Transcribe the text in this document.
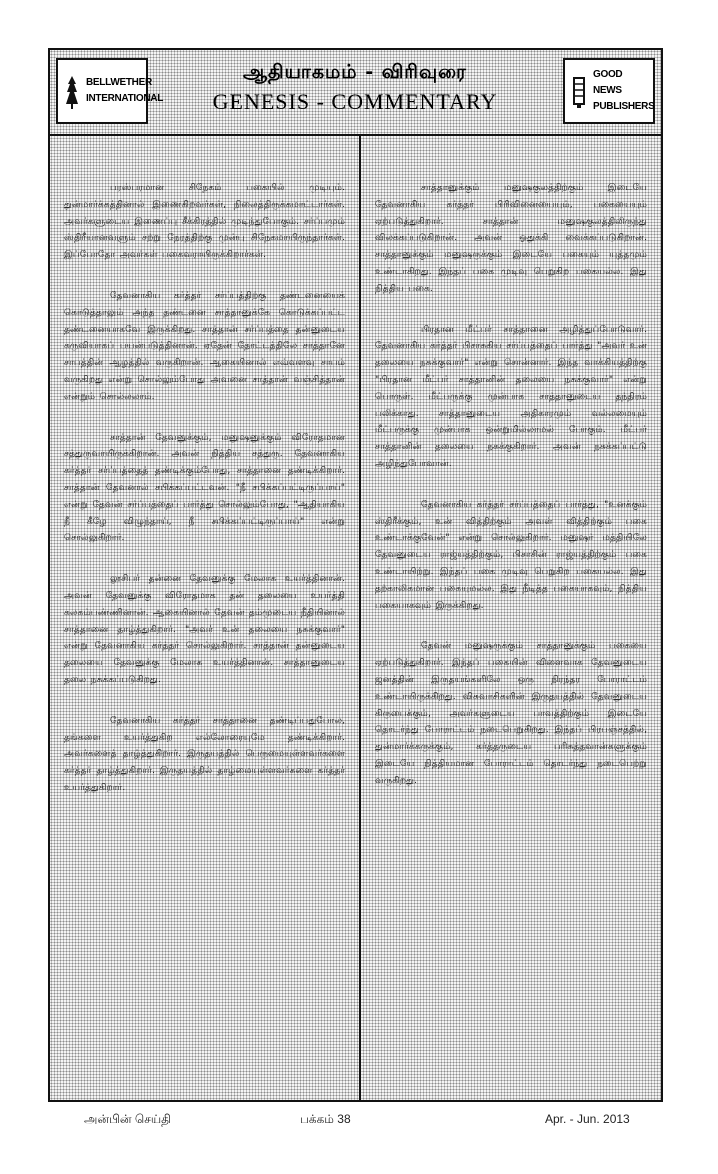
BELLWETHER
INTERNATIONAL
ஆதியாகமம் - விரிவுரை
GENESIS - COMMENTARY
GOOD NEWS
PUBLISHERS

பரஸ்பரமான சிநேகம் பகையில் முடியும். துன்மார்க்கத்தினால் இணைகிறவர்கள், நிலைத்திருக்கமாட்டார்கள். அவர்களுடைய இணைப்பு சீக்கிரத்தில் முடிந்துபோகும். சர்ப்பமும் ஸ்திரீயானவளும் சற்று நேரத்திற்கு முன்பு சிநேகமாயிருந்தார்கள். இப்போதோ அவர்கள் பகைவராயிருக்கிறார்கள்.

தேவனாகிய கர்த்தர் சர்ப்பத்திற்கு தண்டனையைக் கொடுத்தாலும் அந்த தண்டனை சாத்தானுக்கே கொடுக்கப்பட்ட தண்டனையாகவே இருக்கிறது. சாத்தான் சர்ப்பத்தை தன்னுடைய கருவியாகப் பயன்படுத்தினான். ஏதேன் தோட்டத்திலே சாத்தானே சாபத்தின் ஆழத்தில் வருகிறான். ஆகையினால் எவ்வளவு சாபம் வருகிறது என்று சொல்லும்போது அவனை சாத்தான் வஞ்சித்தான் என்றும் சொல்லலாம்.

சாத்தான் தேவனுக்கும், மனுஷனுக்கும் விரோதமான சத்துருவாயிருக்கிறான். அவன் நித்திய சத்துரு. தேவனாகிய கர்த்தர் சர்ப்பத்தைத் தண்டிக்கும்போது, சாத்தானை தண்டிக்கிறார். சாத்தான் தேவனால் சபிக்கப்பட்டவன். "நீ சபிக்கப்பட்டிருப்பாய்" என்று தேவன் சர்ப்பத்தைப் பார்த்து சொல்லும்போது, "ஆதியாகிய நீ கீழே விழுந்தாய், நீ சபிக்கப்பட்டிருப்பாய்" என்று சொல்லுகிறார்.

லூசிபர் தன்னை தேவனுக்கு மேலாக உயர்த்தினான். அவன் தேவனுக்கு விரோதமாக தன் தலையை உயர்த்தி கலகம்பண்ணினான். ஆகையினால் தேவன் தம்முடைய நீதியினால் சாத்தானை தாழ்த்துகிறார். "அவர் உன் தலையை நசுக்குவார்" என்று தேவனாகிய கர்த்தர் சொல்லுகிறார். சாத்தான் தன்னுடைய தலையை தேவனுக்கு மேலாக உயர்த்தினான். சாத்தானுடைய தலை நசுக்கப்படுகிறது.

தேவனாகிய கர்த்தர் சாத்தானை தண்டிப்பதுபோல, தங்களை உயர்த்துகிற எல்லோரையுமே தண்டிக்கிறார். அவர்களைத் தாழ்த்துகிறார். இருதயத்தில் பெருமையுள்ளவர்களை கர்த்தர் தாழ்த்துகிறார். இருதயத்தில் தாழ்மையுள்ளவர்களை கர்த்தர் உயர்த்துகிறார்.

சாத்தானுக்கும் மனுஷகுலத்திற்கும் இடையே தேவனாகிய கர்த்தர் பிரிவினையையும், பகையையும் ஏற்படுத்துகிறார். சாத்தான் மனுஷகுலத்திலிருந்து விலக்கப்படுகிறான். அவன் ஒதுக்கி வைக்கப்படுகிறான். சாத்தானுக்கும் மனுஷருக்கும் இடையே பகையும் யுத்தமும் உண்டாகிறது. இந்தப் பகை முடிவு பெறுகிற பகையல்ல. இது நித்திய பகை.

பிரதான மீட்பர் சாத்தானை அழித்துப்போடுவார். தேவனாகிய கர்த்தர் பிசாசுகிய சர்ப்பத்தைப் பார்த்து "அவர் உன் தலையை நசுக்குவார்" என்று சொன்னார். இந்த வாக்கியத்திற்கு "பிரதான மீட்பர் சாத்தானின் தலையை நசுக்குவார்" என்று பொருள். மீட்பருக்கு முன்பாக சாத்தானுடைய தந்திரம் பலிக்காது. சாத்தானுடைய அதிகாரமும் வல்லமையும் மீட்பருக்கு முன்பாக ஒன்றுமில்லாமல் போகும். மீட்பர் சாத்தானின் தலையை நசுக்குகிறார். அவன் நசுக்கப்பட்டு அழிந்துபோவான்.

தேவனாகிய கர்த்தர் சர்ப்பத்தைப் பார்த்து, "உனக்கும் ஸ்திரீக்கும், உன் வித்திற்கும் அவள் வித்திற்கும் பகை உண்டாக்குவேன்" என்று சொல்லுகிறார். மனுஷர் மத்தியிலே தேவனுடைய ராஜ்யத்திற்கும், பிசாசின் ராஜ்யத்திற்கும் பகை உண்டாயிற்று. இந்தப் பகை முடிவு பெறுகிற பகையல்ல. இது தற்காலிகமான பகையுமல்ல. இது நீடித்த பகையாகவும், நித்திய பகையாகவும் இருக்கிறது.

தேவன் மனுஷருக்கும் சாத்தானுக்கும் பகையை ஏற்படுத்துகிறார். இந்தப் பகையின் விளைவாக தேவனுடைய ஜனத்தின் இருதயங்களிலே ஒரு நிரந்தர போராட்டம் உண்டாயிருக்கிறது. விசுவாசிகளின் இருதயத்தில் தேவனுடைய கிருபைக்கும், அவர்களுடைய பாவத்திற்கும் இடையே தொடர்ந்து போராட்டம் நடைபெறுகிறது. இந்தப் பிரபஞ்சத்தில், துன்மார்க்கருக்கும், கர்த்தருடைய பரிசுத்தவான்களுக்கும் இடையே நித்தியமான போராட்டம் தொடர்ந்து நடைபெற்று வருகிறது.

அன்பின் செய்தி	பக்கம் 38	Apr. - Jun. 2013
